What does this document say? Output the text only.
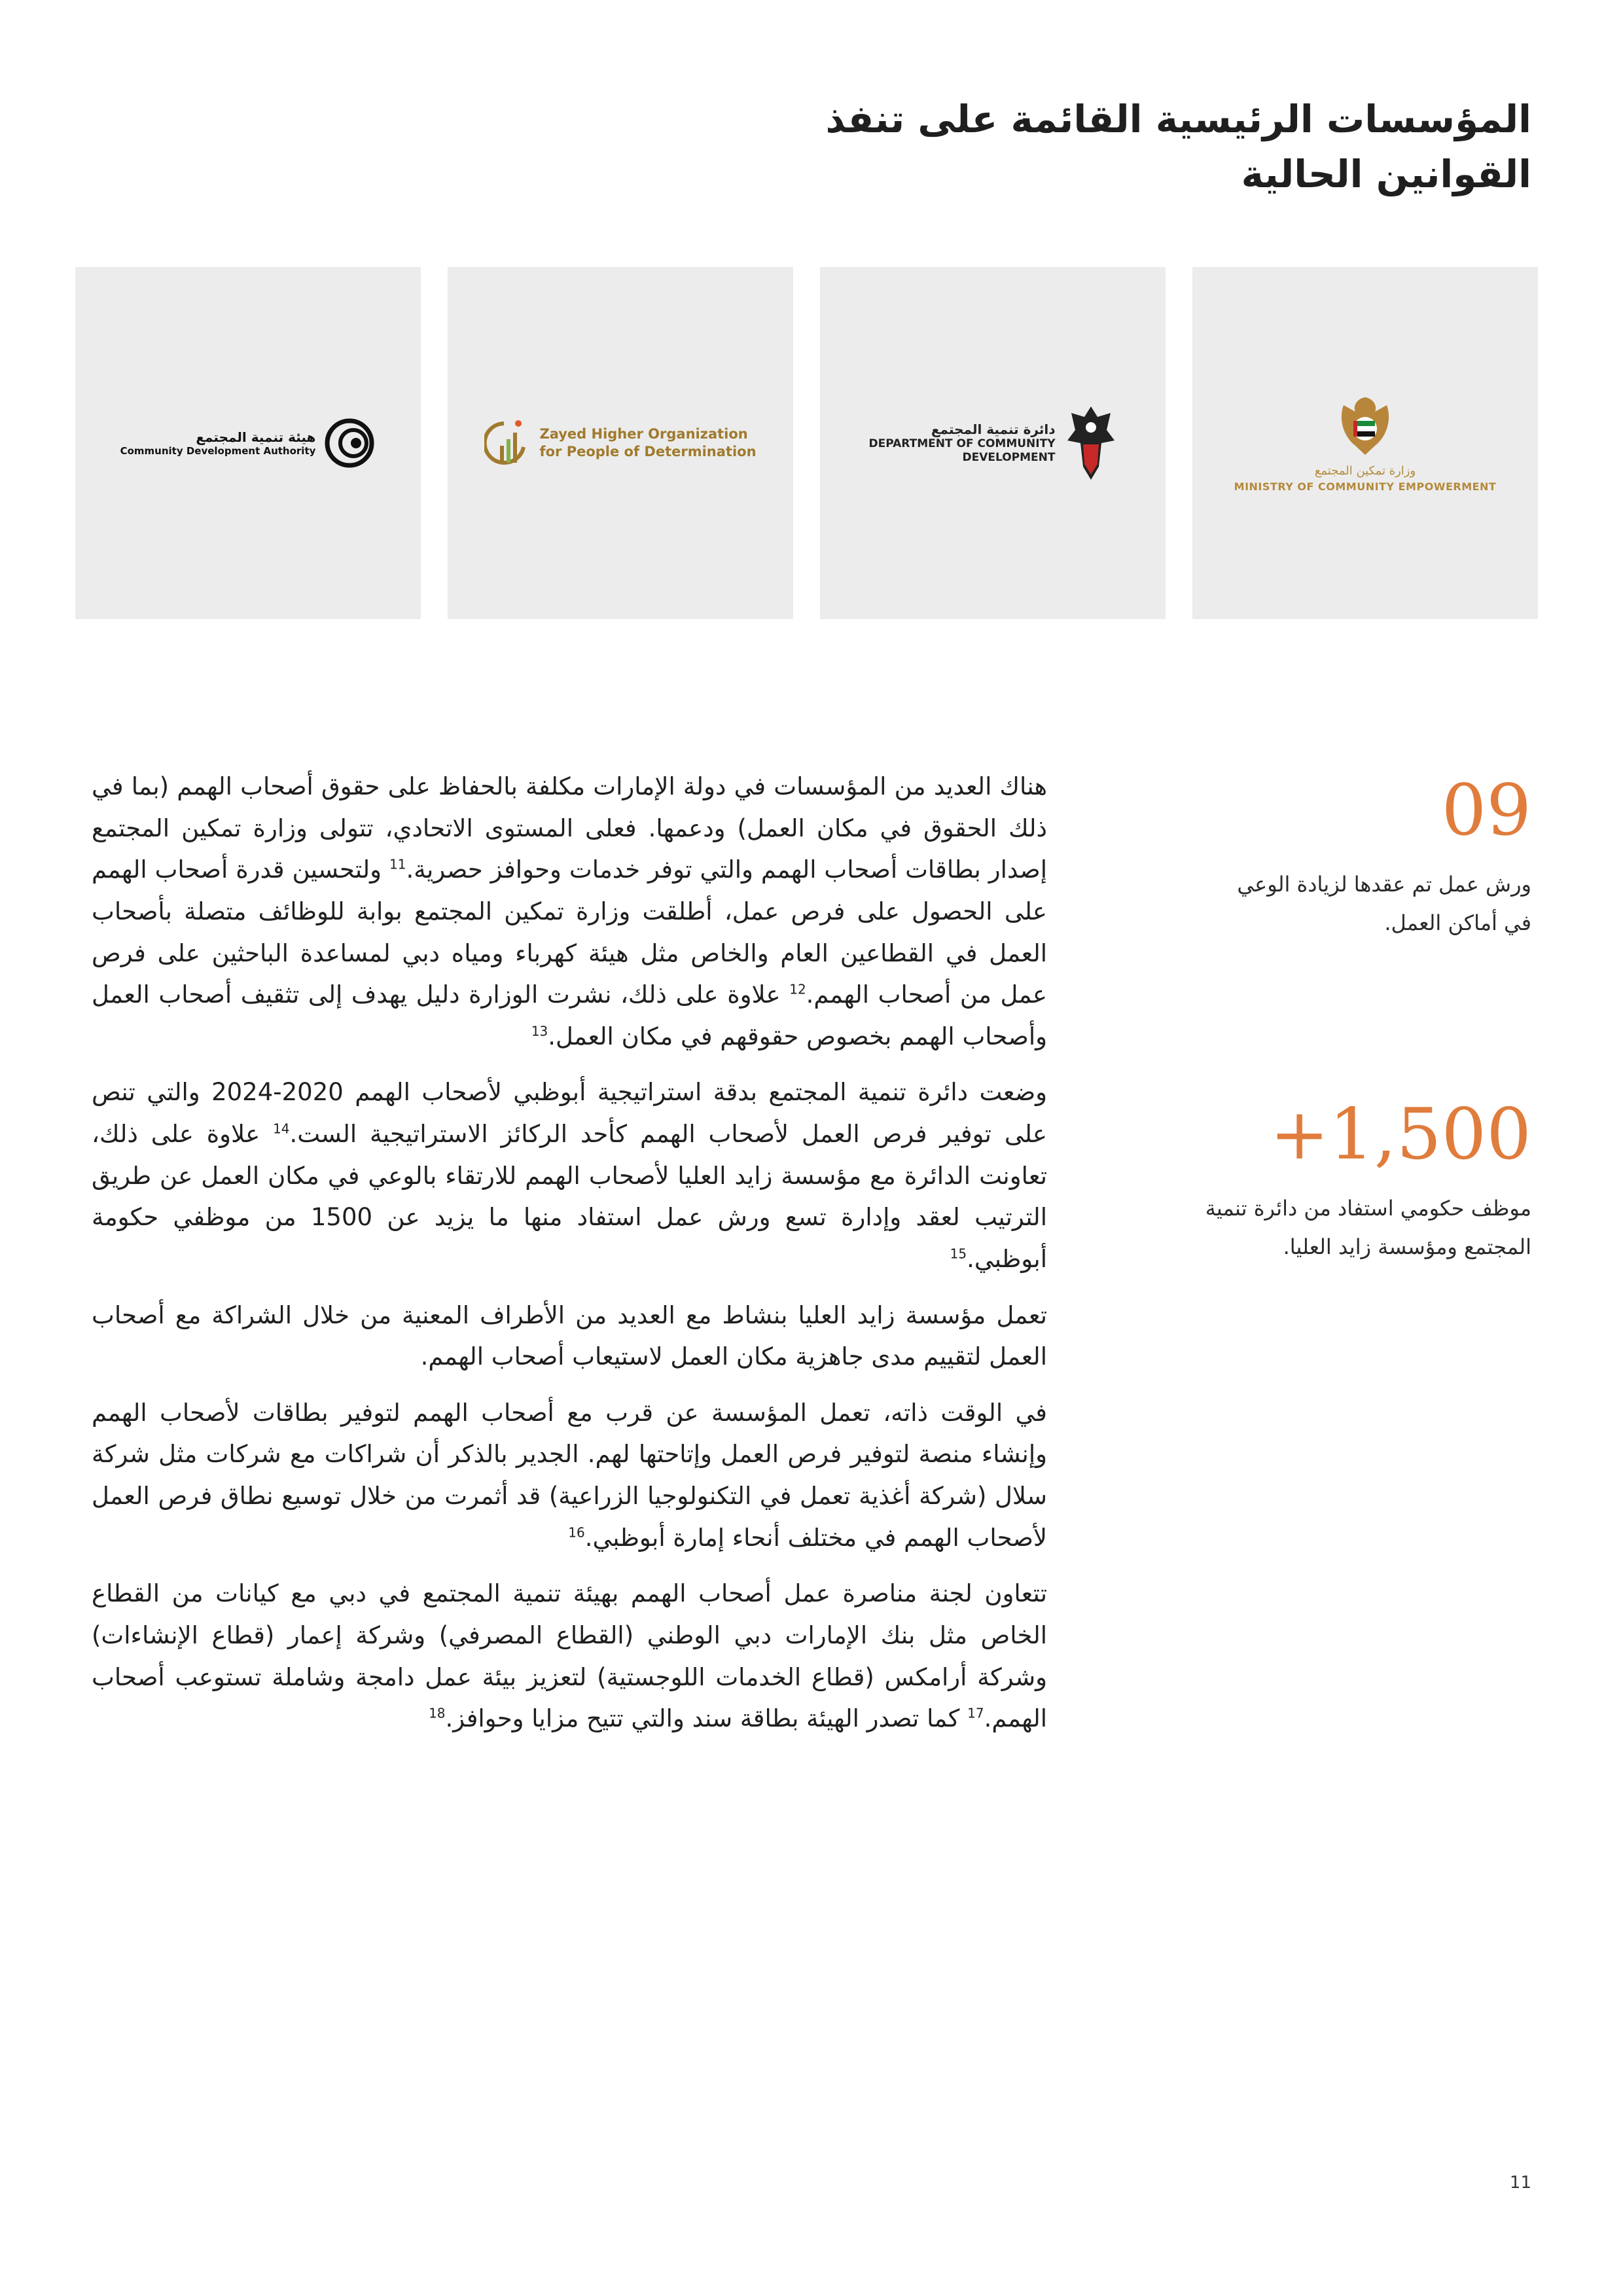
المؤسسات الرئيسية القائمة على تنفذ القوانين الحالية
وزارة تمكين المجتمع
MINISTRY OF COMMUNITY EMPOWERMENT
دائرة تنمية المجتمع
DEPARTMENT OF COMMUNITY
DEVELOPMENT
Zayed Higher Organization
for People of Determination
هيئة تنمية المجتمع
Community Development Authority
09
ورش عمل تم عقدها لزيادة الوعي في أماكن العمل.
+1,500
موظف حكومي استفاد من دائرة تنمية المجتمع ومؤسسة زايد العليا.

هناك العديد من المؤسسات في دولة الإمارات مكلفة بالحفاظ على حقوق أصحاب الهمم (بما في ذلك الحقوق في مكان العمل) ودعمها. فعلى المستوى الاتحادي، تتولى وزارة تمكين المجتمع إصدار بطاقات أصحاب الهمم والتي توفر خدمات وحوافز حصرية.$^{11}$ ولتحسين قدرة أصحاب الهمم على الحصول على فرص عمل، أطلقت وزارة تمكين المجتمع بوابة للوظائف متصلة بأصحاب العمل في القطاعين العام والخاص مثل هيئة كهرباء ومياه دبي لمساعدة الباحثين على فرص عمل من أصحاب الهمم.$^{12}$ علاوة على ذلك، نشرت الوزارة دليل يهدف إلى تثقيف أصحاب العمل وأصحاب الهمم بخصوص حقوقهم في مكان العمل.$^{13}$

وضعت دائرة تنمية المجتمع بدقة استراتيجية أبوظبي لأصحاب الهمم 2020-2024 والتي تنص على توفير فرص العمل لأصحاب الهمم كأحد الركائز الاستراتيجية الست.$^{14}$ علاوة على ذلك، تعاونت الدائرة مع مؤسسة زايد العليا لأصحاب الهمم للارتقاء بالوعي في مكان العمل عن طريق الترتيب لعقد وإدارة تسع ورش عمل استفاد منها ما يزيد عن 1500 من موظفي حكومة أبوظبي.$^{15}$

تعمل مؤسسة زايد العليا بنشاط مع العديد من الأطراف المعنية من خلال الشراكة مع أصحاب العمل لتقييم مدى جاهزية مكان العمل لاستيعاب أصحاب الهمم.

في الوقت ذاته، تعمل المؤسسة عن قرب مع أصحاب الهمم لتوفير بطاقات لأصحاب الهمم وإنشاء منصة لتوفير فرص العمل وإتاحتها لهم. الجدير بالذكر أن شراكات مع شركات مثل شركة سلال (شركة أغذية تعمل في التكنولوجيا الزراعية) قد أثمرت من خلال توسيع نطاق فرص العمل لأصحاب الهمم في مختلف أنحاء إمارة أبوظبي.$^{16}$

تتعاون لجنة مناصرة عمل أصحاب الهمم بهيئة تنمية المجتمع في دبي مع كيانات من القطاع الخاص مثل بنك الإمارات دبي الوطني (القطاع المصرفي) وشركة إعمار (قطاع الإنشاءات) وشركة أرامكس (قطاع الخدمات اللوجستية) لتعزيز بيئة عمل دامجة وشاملة تستوعب أصحاب الهمم.$^{17}$ كما تصدر الهيئة بطاقة سند والتي تتيح مزايا وحوافز.$^{18}$

11
